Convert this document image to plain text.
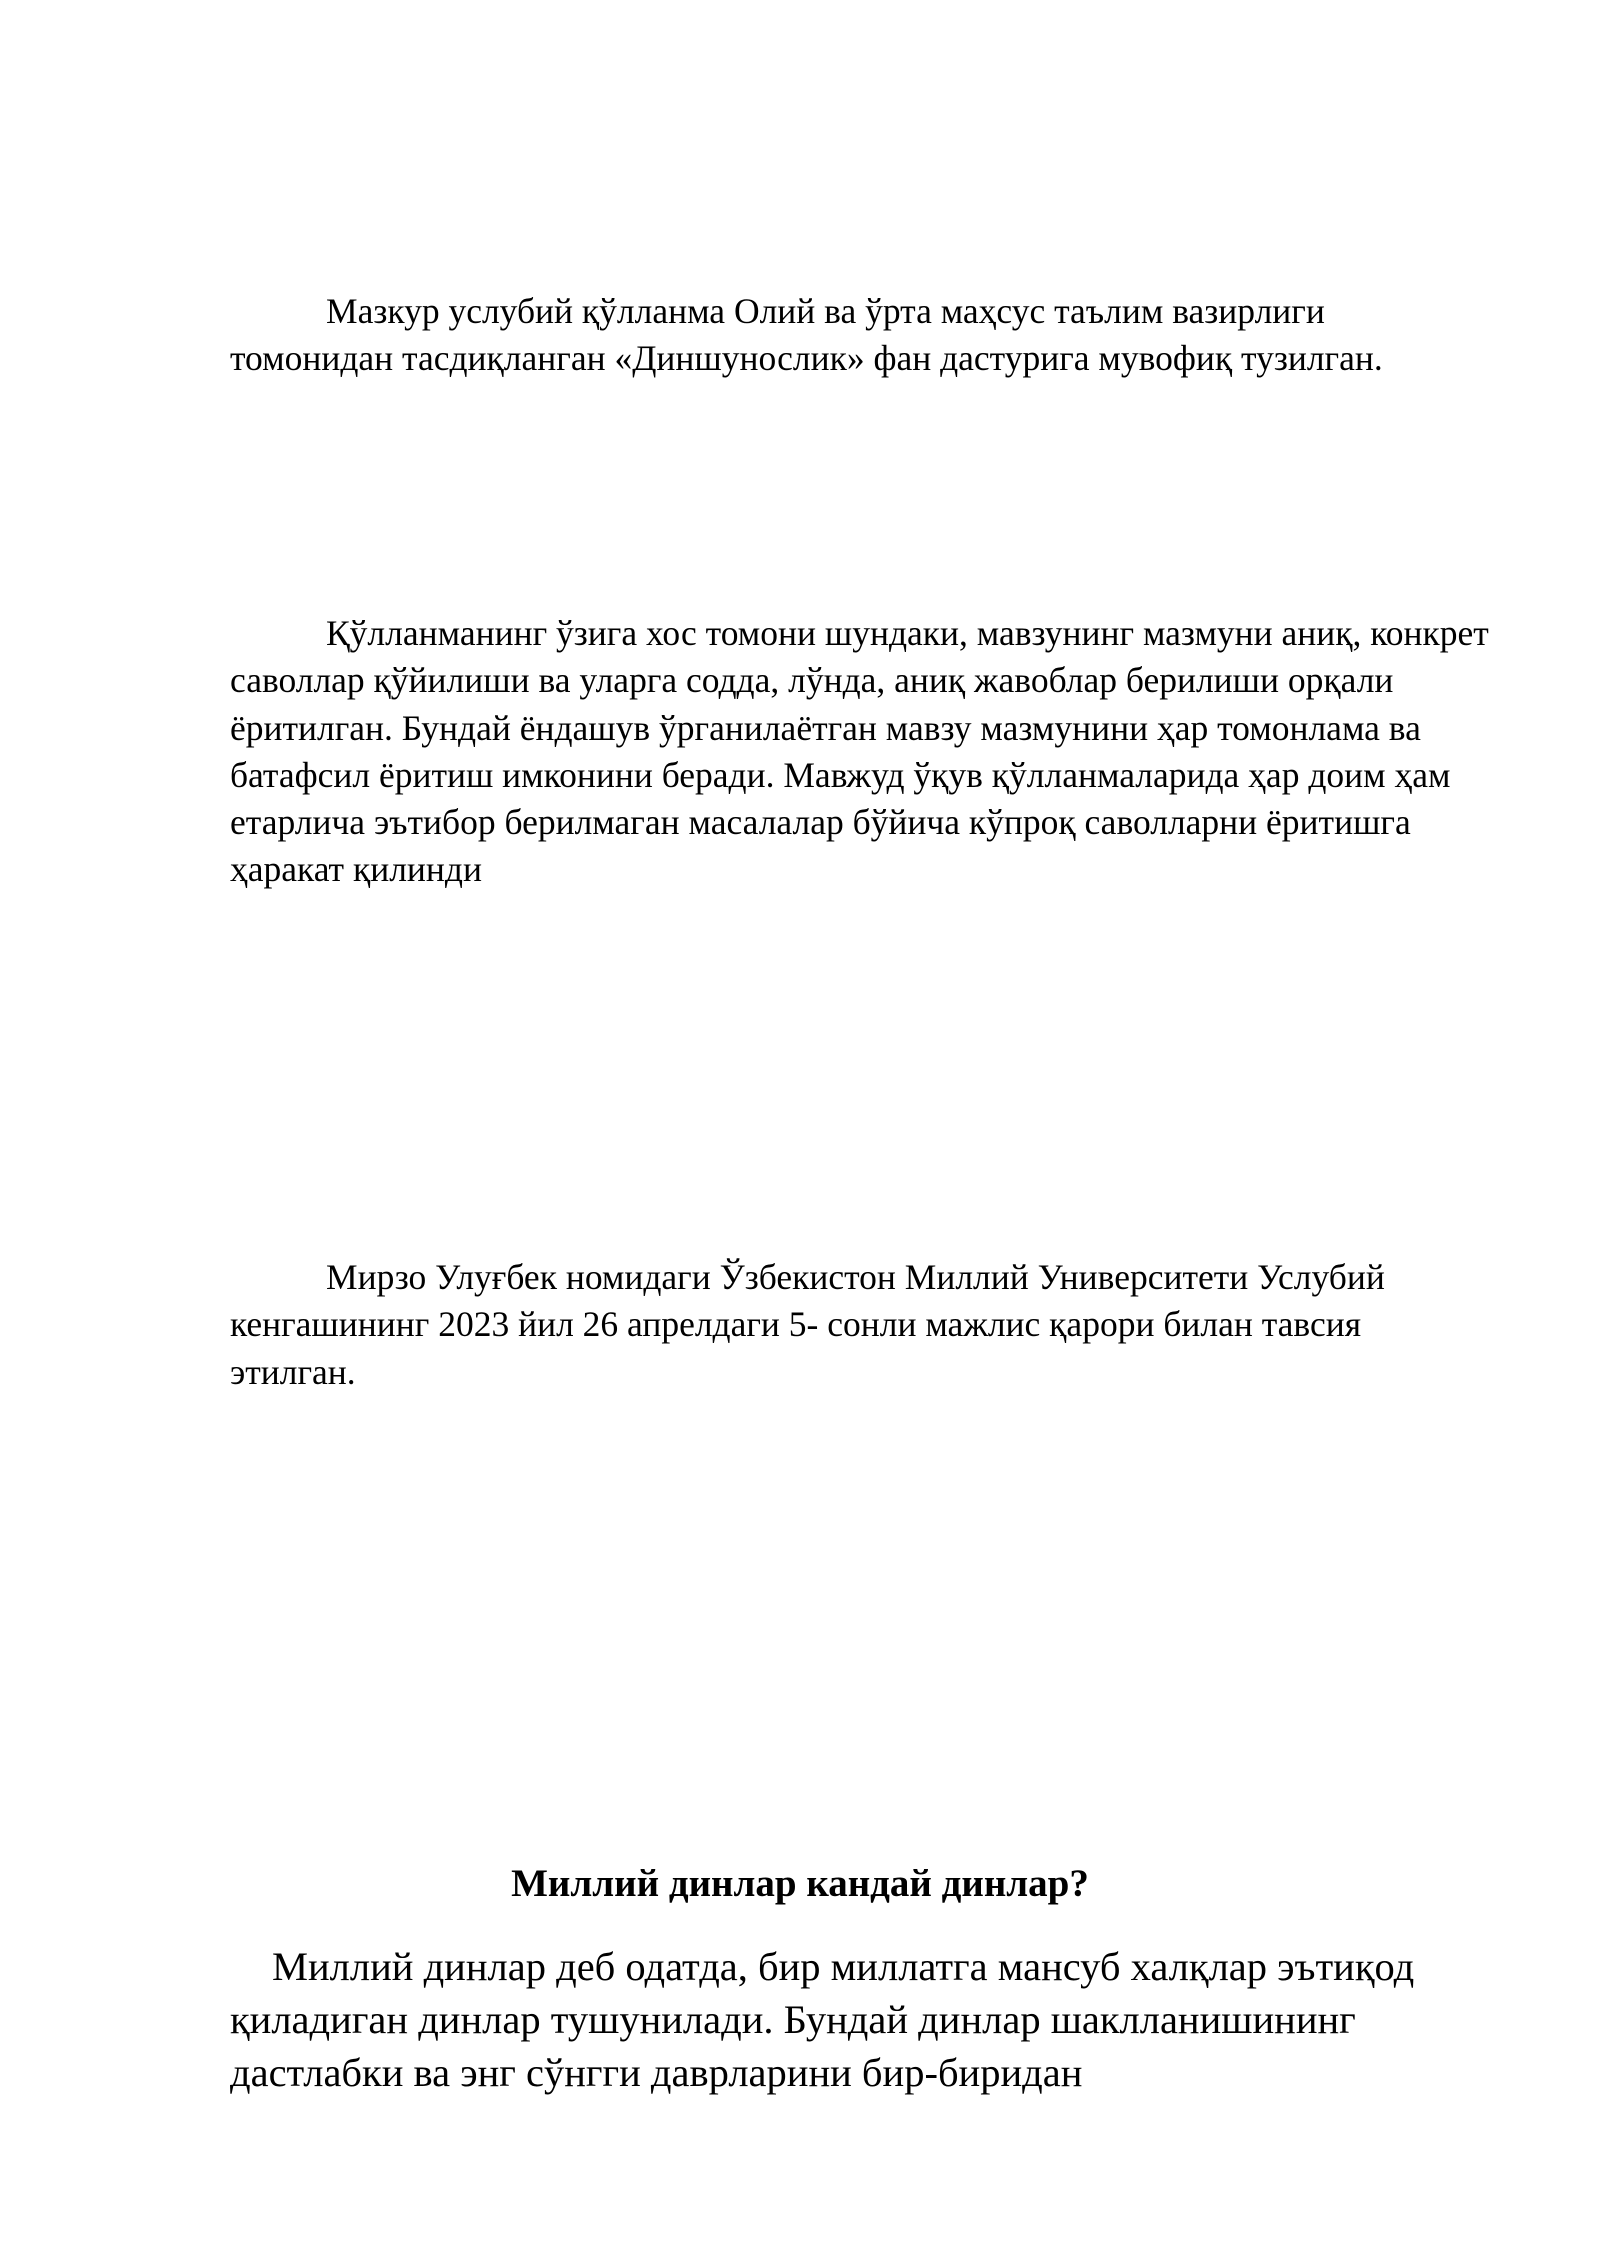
Мазкур услубий қўлланма Олий ва ўрта маҳсус таълим вазирлиги томонидан тасдиқланган «Диншунослик» фан дастурига мувофиқ тузилган.

Қўлланманинг ўзига хос томони шундаки, мавзунинг мазмуни аниқ, конкрет саволлар қўйилиши ва уларга содда, лўнда, аниқ жавоблар берилиши орқали ёритилган. Бундай ёндашув ўрганилаётган мавзу мазмунини ҳар томонлама ва батафсил ёритиш имконини беради. Мавжуд ўқув қўлланмаларида ҳар доим ҳам етарлича эътибор берилмаган масалалар бўйича кўпроқ саволларни ёритишга ҳаракат қилинди

Мирзо Улуғбек номидаги Ўзбекистон Миллий Университети Услубий кенгашининг 2023 йил 26 апрелдаги 5- сонли мажлис қарори билан тавсия этилган.

Миллий динлар кандай динлар?

Миллий динлар деб одатда, бир миллатга мансуб халқлар эътиқод қиладиган динлар тушунилади. Бундай динлар шаклланишининг дастлабки ва энг сўнгги даврларини бир-биридан
